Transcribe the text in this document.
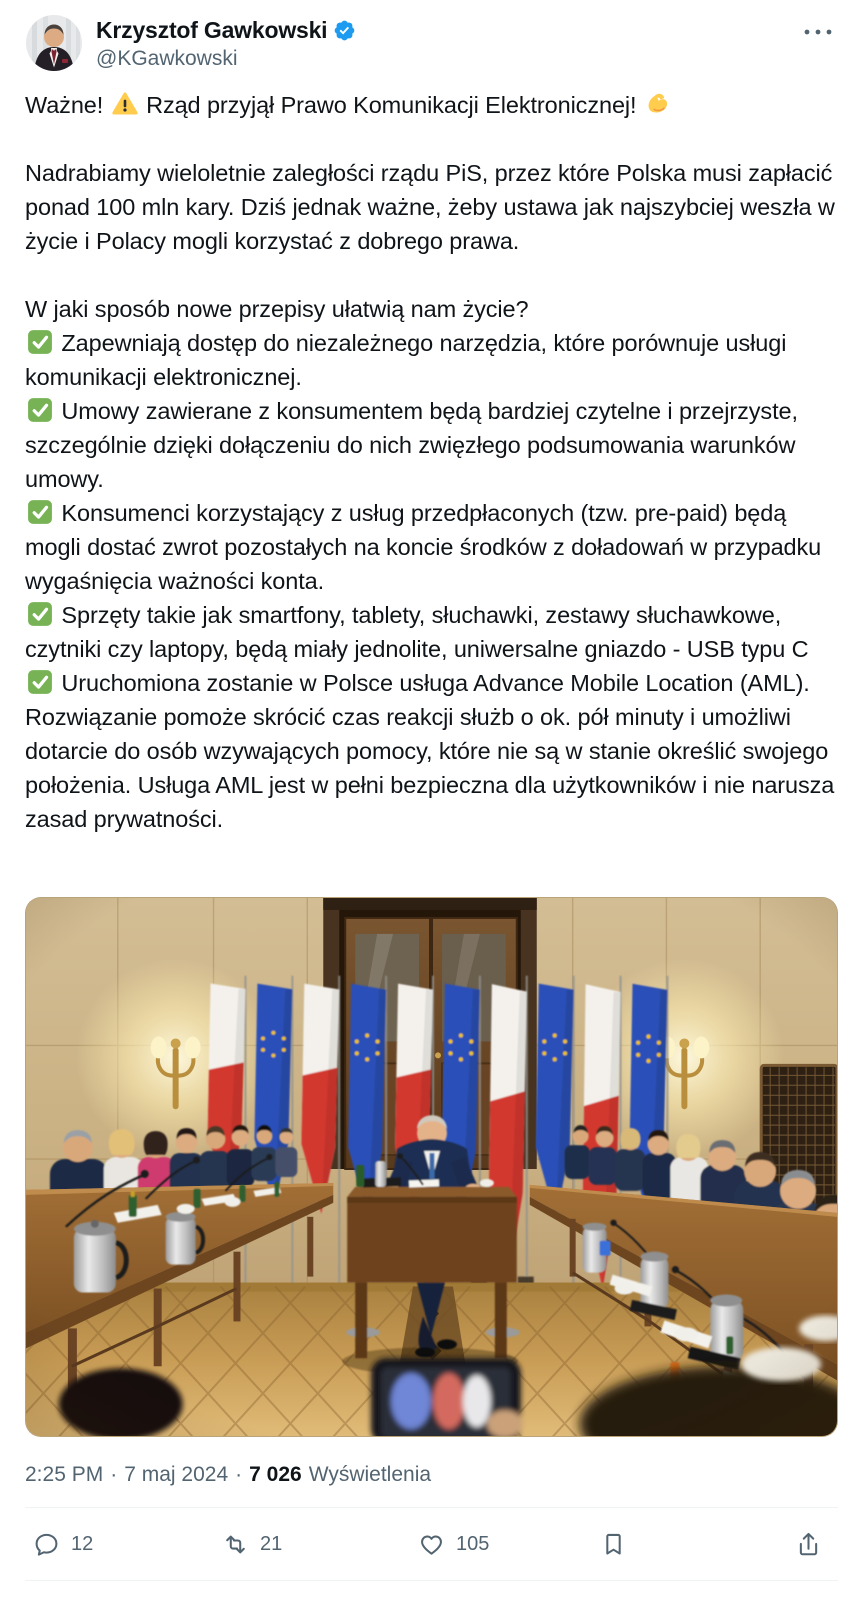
Krzysztof Gawkowski
@KGawkowski
Ważne!
Rząd przyjął Prawo Komunikacji Elektronicznej!
Nadrabiamy wieloletnie zaległości rządu PiS, przez które Polska musi zapłacić ponad 100 mln kary. Dziś jednak ważne, żeby ustawa jak najszybciej weszła w życie i Polacy mogli korzystać z dobrego prawa.
W jaki sposób nowe przepisy ułatwią nam życie?
Zapewniają dostęp do niezależnego narzędzia, które porównuje usługi komunikacji elektronicznej.
Umowy zawierane z konsumentem będą bardziej czytelne i przejrzyste, szczególnie dzięki dołączeniu do nich zwięzłego podsumowania warunków umowy.
Konsumenci korzystający z usług przedpłaconych (tzw. pre-paid) będą mogli dostać zwrot pozostałych na koncie środków z doładowań w przypadku wygaśnięcia ważności konta.
Sprzęty takie jak smartfony, tablety, słuchawki, zestawy słuchawkowe, czytniki czy laptopy, będą miały jednolite, uniwersalne gniazdo - USB typu C
Uruchomiona zostanie w Polsce usługa Advance Mobile Location (AML). Rozwiązanie pomoże skrócić czas reakcji służb o ok. pół minuty i umożliwi dotarcie do osób wzywających pomocy, które nie są w stanie określić swojego położenia. Usługa AML jest w pełni bezpieczna dla użytkowników i nie narusza zasad prywatności.
2:25 PM · 7 maj 2024 · 7 026 Wyświetlenia
12	21	105
